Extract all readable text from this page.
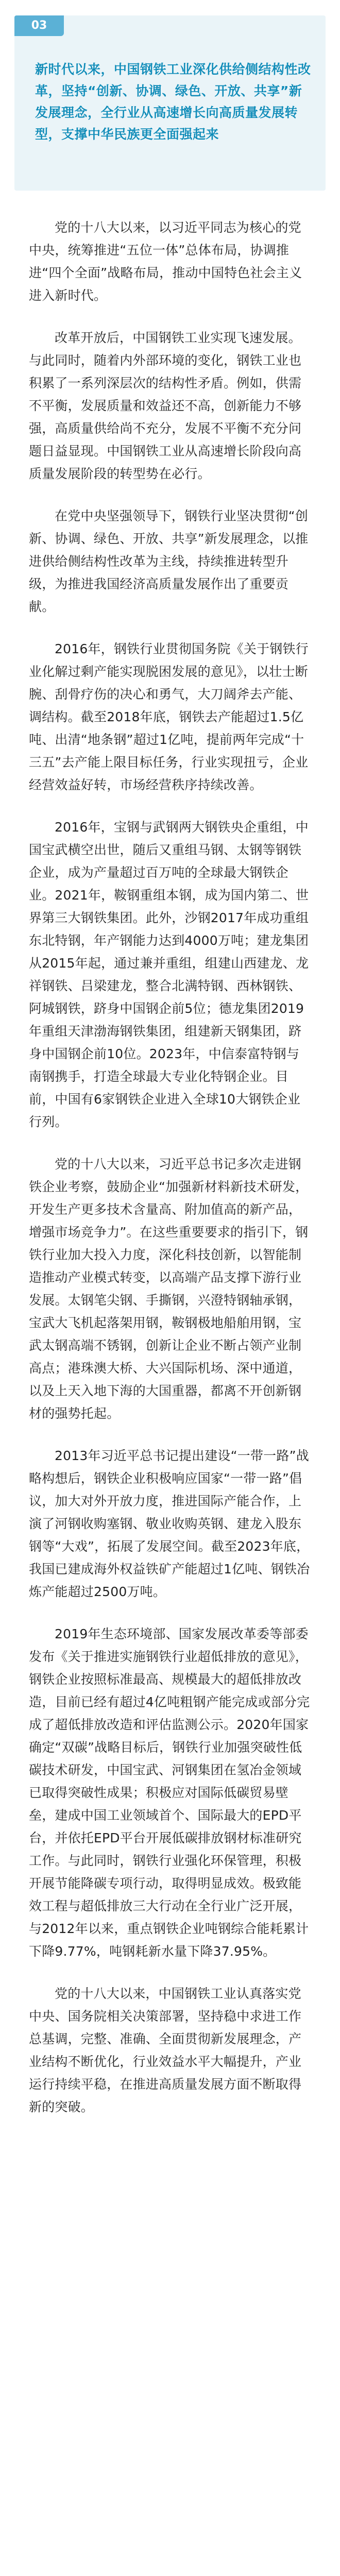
03
新时代以来，中国钢铁工业深化供给侧结构性改革，坚持“创新、协调、绿色、开放、共享”新发展理念，全行业从高速增长向高质量发展转型，支撑中华民族更全面强起来

党的十八大以来，以习近平同志为核心的党中央，统筹推进“五位一体”总体布局，协调推进“四个全面”战略布局，推动中国特色社会主义进入新时代。

改革开放后，中国钢铁工业实现飞速发展。与此同时，随着内外部环境的变化，钢铁工业也积累了一系列深层次的结构性矛盾。例如，供需不平衡，发展质量和效益还不高，创新能力不够强，高质量供给尚不充分，发展不平衡不充分问题日益显现。中国钢铁工业从高速增长阶段向高质量发展阶段的转型势在必行。

在党中央坚强领导下，钢铁行业坚决贯彻“创新、协调、绿色、开放、共享”新发展理念，以推进供给侧结构性改革为主线，持续推进转型升级，为推进我国经济高质量发展作出了重要贡献。

2016年，钢铁行业贯彻国务院《关于钢铁行业化解过剩产能实现脱困发展的意见》，以壮士断腕、刮骨疗伤的决心和勇气，大刀阔斧去产能、调结构。截至2018年底，钢铁去产能超过1.5亿吨、出清“地条钢”超过1亿吨，提前两年完成“十三五”去产能上限目标任务，行业实现扭亏，企业经营效益好转，市场经营秩序持续改善。

2016年，宝钢与武钢两大钢铁央企重组，中国宝武横空出世，随后又重组马钢、太钢等钢铁企业，成为产量超过百万吨的全球最大钢铁企业。2021年，鞍钢重组本钢，成为国内第二、世界第三大钢铁集团。此外，沙钢2017年成功重组东北特钢，年产钢能力达到4000万吨；建龙集团从2015年起，通过兼并重组，组建山西建龙、龙祥钢铁、吕梁建龙，整合北满特钢、西林钢铁、阿城钢铁，跻身中国钢企前5位；德龙集团2019年重组天津渤海钢铁集团，组建新天钢集团，跻身中国钢企前10位。2023年，中信泰富特钢与南钢携手，打造全球最大专业化特钢企业。目前，中国有6家钢铁企业进入全球10大钢铁企业行列。

党的十八大以来，习近平总书记多次走进钢铁企业考察，鼓励企业“加强新材料新技术研发，开发生产更多技术含量高、附加值高的新产品，增强市场竞争力”。在这些重要要求的指引下，钢铁行业加大投入力度，深化科技创新，以智能制造推动产业模式转变，以高端产品支撑下游行业发展。太钢笔尖钢、手撕钢，兴澄特钢轴承钢，宝武大飞机起落架用钢，鞍钢极地船舶用钢，宝武太钢高端不锈钢，创新让企业不断占领产业制高点；港珠澳大桥、大兴国际机场、深中通道，以及上天入地下海的大国重器，都离不开创新钢材的强势托起。

2013年习近平总书记提出建设“一带一路”战略构想后，钢铁企业积极响应国家“一带一路”倡议，加大对外开放力度，推进国际产能合作，上演了河钢收购塞钢、敬业收购英钢、建龙入股东钢等“大戏”，拓展了发展空间。截至2023年底，我国已建成海外权益铁矿产能超过1亿吨、钢铁冶炼产能超过2500万吨。

2019年生态环境部、国家发展改革委等部委发布《关于推进实施钢铁行业超低排放的意见》，钢铁企业按照标准最高、规模最大的超低排放改造，目前已经有超过4亿吨粗钢产能完成或部分完成了超低排放改造和评估监测公示。2020年国家确定“双碳”战略目标后，钢铁行业加强突破性低碳技术研发，中国宝武、河钢集团在氢冶金领域已取得突破性成果；积极应对国际低碳贸易壁垒，建成中国工业领域首个、国际最大的EPD平台，并依托EPD平台开展低碳排放钢材标准研究工作。与此同时，钢铁行业强化环保管理，积极开展节能降碳专项行动，取得明显成效。极致能效工程与超低排放三大行动在全行业广泛开展，与2012年以来，重点钢铁企业吨钢综合能耗累计下降9.77%，吨钢耗新水量下降37.95%。

党的十八大以来，中国钢铁工业认真落实党中央、国务院相关决策部署，坚持稳中求进工作总基调，完整、准确、全面贯彻新发展理念，产业结构不断优化，行业效益水平大幅提升，产业运行持续平稳，在推进高质量发展方面不断取得新的突破。
